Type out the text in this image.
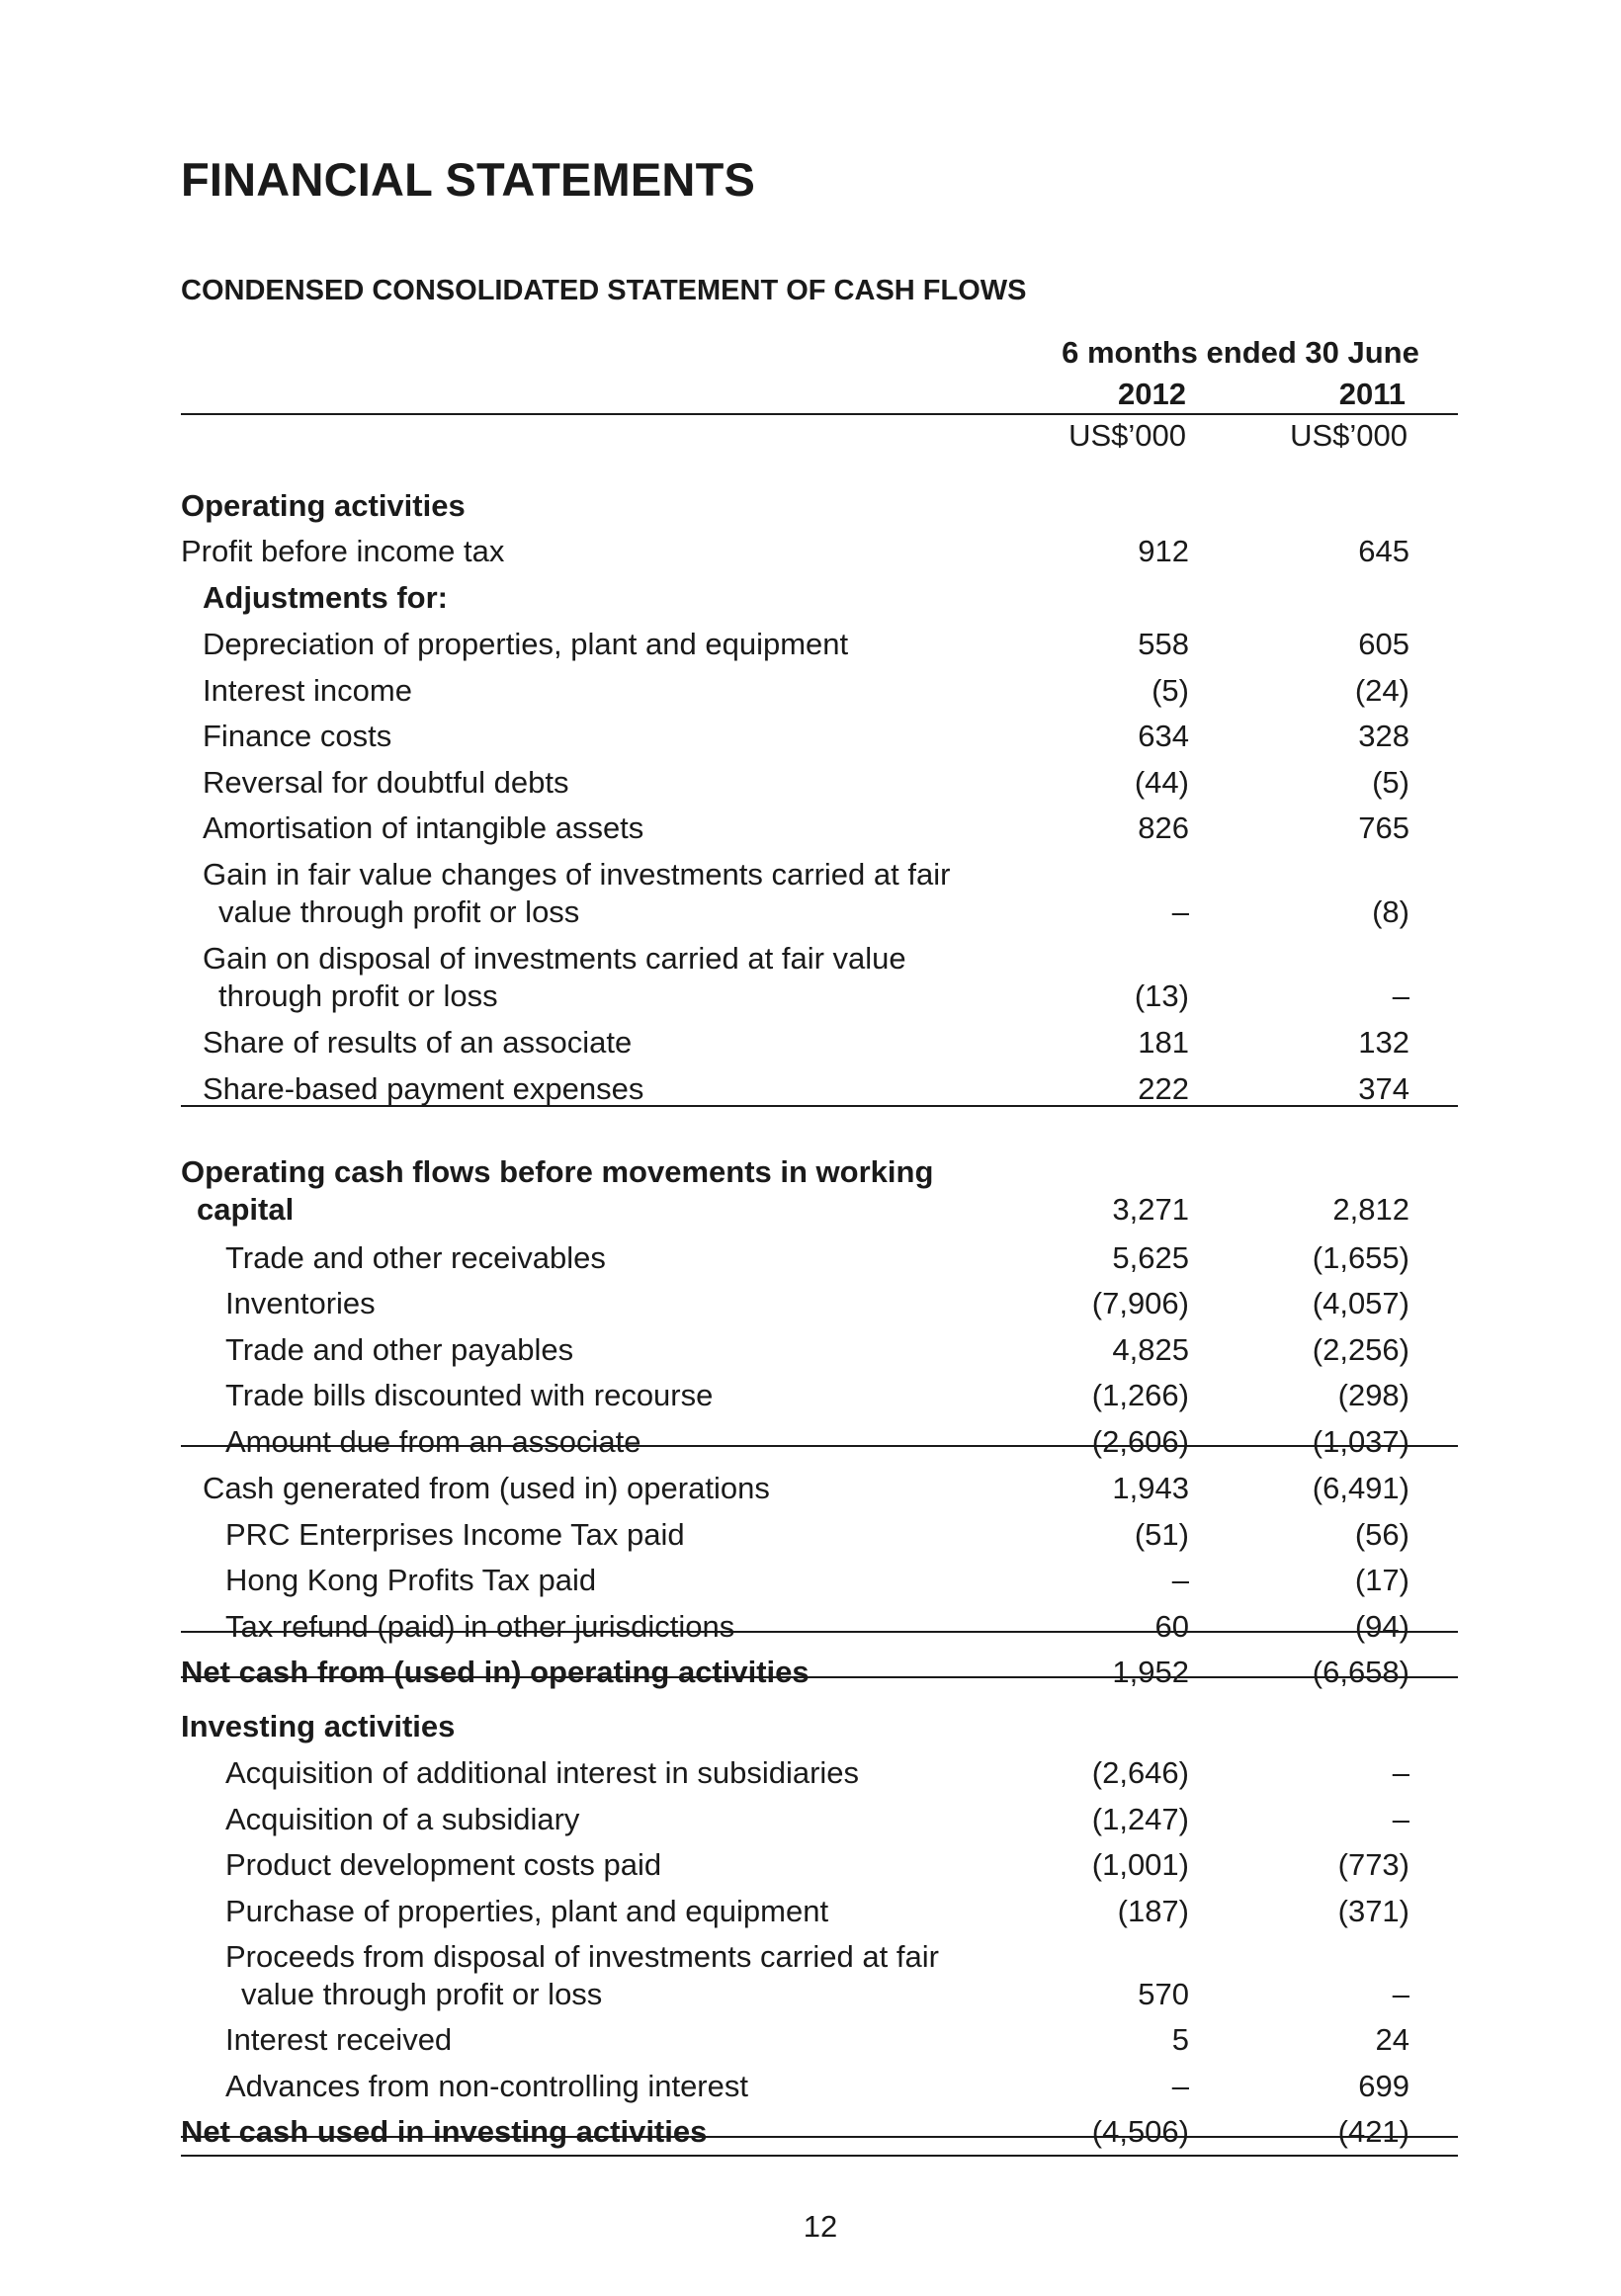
FINANCIAL STATEMENTS
CONDENSED CONSOLIDATED STATEMENT OF CASH FLOWS
6 months ended 30 June
2012	2011
US$’000	US$’000
Operating activities
Profit before income tax	912	645
Adjustments for:
Depreciation of properties, plant and equipment	558	605
Interest income	(5)	(24)
Finance costs	634	328
Reversal for doubtful debts	(44)	(5)
Amortisation of intangible assets	826	765
Gain in fair value changes of investments carried at fair
value through profit or loss	–	(8)
Gain on disposal of investments carried at fair value
through profit or loss	(13)	–
Share of results of an associate	181	132
Share-based payment expenses	222	374
Operating cash flows before movements in working
capital	3,271	2,812
Trade and other receivables	5,625	(1,655)
Inventories	(7,906)	(4,057)
Trade and other payables	4,825	(2,256)
Trade bills discounted with recourse	(1,266)	(298)
Amount due from an associate	(2,606)	(1,037)
Cash generated from (used in) operations	1,943	(6,491)
PRC Enterprises Income Tax paid	(51)	(56)
Hong Kong Profits Tax paid	–	(17)
Tax refund (paid) in other jurisdictions	60	(94)
Net cash from (used in) operating activities	1,952	(6,658)
Investing activities
Acquisition of additional interest in subsidiaries	(2,646)	–
Acquisition of a subsidiary	(1,247)	–
Product development costs paid	(1,001)	(773)
Purchase of properties, plant and equipment	(187)	(371)
Proceeds from disposal of investments carried at fair
value through profit or loss	570	–
Interest received	5	24
Advances from non-controlling interest	–	699
Net cash used in investing activities	(4,506)	(421)
12
